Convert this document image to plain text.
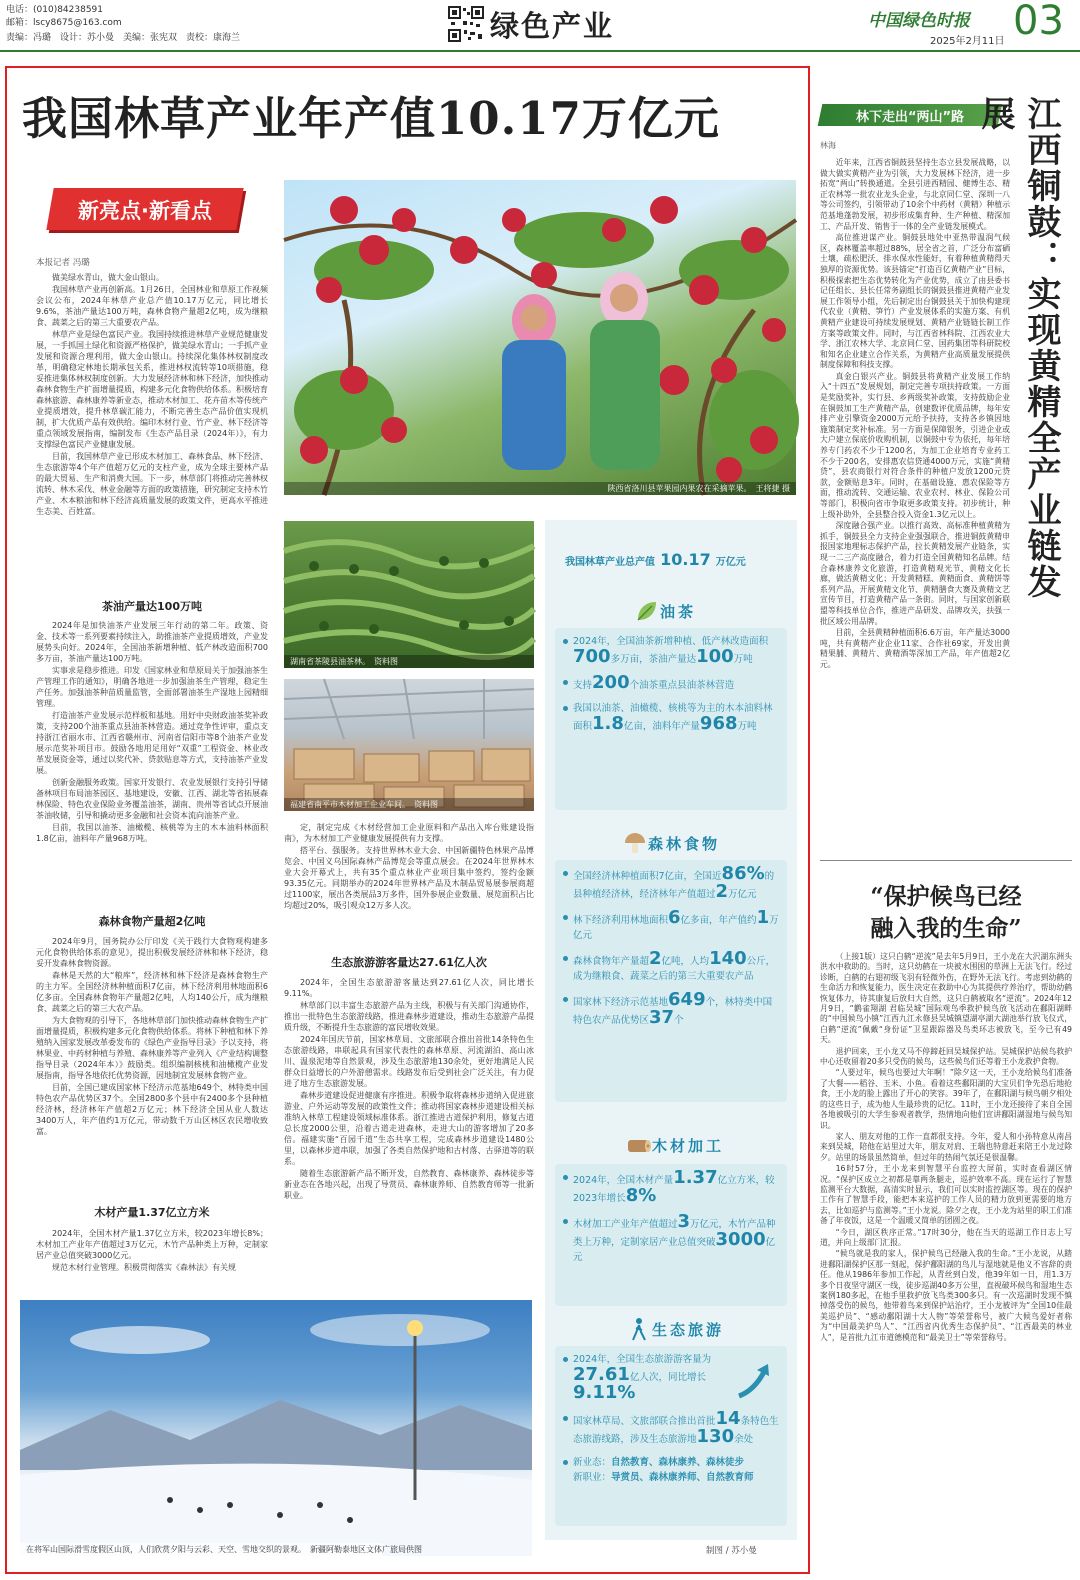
电话：(010)84238591
邮箱：lscy8675@163.com
责编：冯璐　设计：苏小曼　美编：张宪双　责校：康海兰	绿色产业	中国绿色时报
2025年2月11日 03
我国林草产业年产值10.17万亿元
新亮点·新看点
本报记者 冯璐

做美绿水青山，做大金山银山。

我国林草产业再创新高。1月26日，全国林业和草原工作视频会议公布，2024年林草产业总产值10.17万亿元，同比增长9.6%，茶油产量达100万吨，森林食物产量超2亿吨，成为继粮食、蔬菜之后的第三大重要农产品。

林草产业是绿色富民产业。我国持续推进林草产业规范健康发展，一手抓国土绿化和资源严格保护，做美绿水青山；一手抓产业发展和资源合理利用，做大金山银山。持续深化集体林权制度改革，明确稳定林地长期承包关系，推进林权流转等10项措施，稳妥推进集体林权制度创新。大力发展经济林和林下经济，加快推动森林食物生产扩面增量提质，构建多元化食物供给体系。积极培育森林旅游、森林康养等新业态，推动木材加工、花卉苗木等传统产业提质增效，提升林草碳汇能力，不断完善生态产品价值实现机制，扩大优质产品有效供给。编印木材行业、竹产业、林下经济等重点领域发展指南，编制发布《生态产品目录（2024年）》，有力支撑绿色富民产业健康发展。

目前，我国林草产业已形成木材加工、森林食品、林下经济、生态旅游等4个年产值超万亿元的支柱产业，成为全球主要林产品的最大贸易、生产和消费大国。下一步，林草部门将推动完善林权流转、林木采伐、林业金融等方面的政策措施，研究制定支持木竹产业、木本粮油和林下经济高质量发展的政策文件，更高水平推进生态美、百姓富。

茶油产量达100万吨

2024年是加快油茶产业发展三年行动的第二年。政策、资金、技术等一系列要素持续注入，助推油茶产业提质增效，产业发展势头向好。2024年，全国油茶新增种植、低产林改造面积700多万亩，茶油产量达100万吨。

实事求是稳步推进。印发《国家林业和草原局关于加强油茶生产管理工作的通知》，明确各地进一步加强油茶生产管理，稳定生产任务。加强油茶种苗质量监管，全面部署油茶生产湿地上园精细管理。

打造油茶产业发展示范样板和基地。用好中央财政油茶奖补政策，支持200个油茶重点县油茶林营造。通过竞争性评审，重点支持浙江省丽水市、江西省赣州市、河南省信阳市等8个油茶产业发展示范奖补项目市。鼓励各地用足用好“双重”工程资金、林业改革发展资金等，通过以奖代补、贷款贴息等方式，支持油茶产业发展。

创新金融服务政策。国家开发银行、农业发展银行支持引导储备林项目布局油茶园区、基地建设，安徽、江西、湖北等省拓展森林保险、特色农业保险业务覆盖油茶，湖南、贵州等省试点开展油茶油收储，引导和撬动更多金融和社会资本流向油茶产业。

目前，我国以油茶、油橄榄、核桃等为主的木本油料林面积1.8亿亩，油料年产量968万吨。

森林食物产量超2亿吨

2024年9月，国务院办公厅印发《关于践行大食物观构建多元化食物供给体系的意见》，提出积极发展经济林和林下经济，稳妥开发森林食物资源。

森林是天然的大“粮库”，经济林和林下经济是森林食物生产的主力军。全国经济林种植面积7亿亩，林下经济利用林地面积6亿多亩。全国森林食物年产量超2亿吨，人均140公斤，成为继粮食、蔬菜之后的第三大农产品。

为大食物观的引导下，各地林草部门加快推动森林食物生产扩面增量提质，积极构建多元化食物供给体系。将林下种植和林下养殖纳入国家发展改革委发布的《绿色产业指导目录》予以支持，将林果业、中药材种植与养殖、森林康养等产业列入《产业结构调整指导目录（2024年本）》鼓励类。组织编制核桃和油橄榄产业发展指南，指导各地依托优势资源，因地制宜发展林食物产业。

目前，全国已建成国家林下经济示范基地649个、林特类中国特色农产品优势区37个。全国2800多个县中有2400多个县种植经济林，经济林年产值超2万亿元；林下经济全国从业人数达3400万人，年产值约1万亿元，带动数千万山区林区农民增收致富。

木材产量1.37亿立方米

2024年，全国木材产量1.37亿立方米，较2023年增长8%；木材加工产业年产值超过3万亿元，木竹产品种类上万种，定制家居产业总值突破3000亿元。

规范木材行业管理。积极贯彻落实《森林法》有关规

陕西省洛川县苹果园内果农在采摘苹果。　王将捷 摄
湖南省茶陵县油茶林。　资料图
福建省南平市木材加工企业车间。　资料图

定，制定完成《木材经营加工企业原料和产品出入库台账建设指南》，为木材加工产业健康发展提供有力支撑。

搭平台、强服务。支持世界林木业大会、中国新疆特色林果产品博览会、中国义乌国际森林产品博览会等重点展会。在2024年世界林木业大会开幕式上，共有35个重点林业产业项目集中签约，签约金额93.35亿元。同期举办的2024年世界林产品及木制品贸易展参展商超过1100家，展出各类展品3万多件，国外参展企业数量、展览面积占比均超过20%，吸引观众12万多人次。

生态旅游游客量达27.61亿人次

2024年，全国生态旅游游客量达到27.61亿人次，同比增长9.11%。

林草部门以丰富生态旅游产品为主线，积极与有关部门沟通协作，推出一批特色生态旅游线路，推进森林步道建设，推动生态旅游产品提质升级，不断提升生态旅游的富民增收效果。

2024年国庆节前，国家林草局、文旅部联合推出首批14条特色生态旅游线路，串联起具有国家代表性的森林草原、河流湖泊、高山冰川、温泉泥地等自然景观，涉及生态旅游地130余处，更好地满足人民群众日益增长的户外游憩需求。线路发布后受到社会广泛关注，有力促进了地方生态旅游发展。

森林步道建设促进健康有序推进。积极争取将森林步道纳入促进旅游业、户外运动等发展的政策性文件；推动将国家森林步道建设相关标准纳入林草工程建设领域标准体系。浙江推进古道保护利用，修复古道总长度2000公里，沿着古道走进森林，走进大山的游客增加了20多倍。福建实施“百园千道”生态共享工程，完成森林步道建设1480公里，以森林步道串联，加强了各类自然保护地和古村落、古驿道等的联系。

随着生态旅游新产品不断开发，自然教育、森林康养、森林徒步等新业态在各地兴起，出现了导赏员、森林康养师、自然教育师等一批新职业。

在将军山国际滑雪度假区山顶，人们欣赏夕阳与云彩、天空、雪地交织的景观。　新疆阿勒泰地区文体广旅局供图	制图 / 苏小曼
我国林草产业总产值 10.17 万亿元
油茶
2024年，全国油茶新增种植、低产林改造面积700多万亩，茶油产量达100万吨
支持200个油茶重点县油茶林营造
我国以油茶、油橄榄、核桃等为主的木本油料林面积1.8亿亩，油料年产量968万吨
森林食物
全国经济林种植面积7亿亩，全国近86%的县种植经济林，经济林年产值超过2万亿元
林下经济利用林地面积6亿多亩，年产值约1万亿元
森林食物年产量超2亿吨，人均140公斤，成为继粮食、蔬菜之后的第三大重要农产品
国家林下经济示范基地649个，林特类中国特色农产品优势区37个
木材加工
2024年，全国木材产量1.37亿立方米，较2023年增长8%
木材加工产业年产值超过3万亿元，木竹产品种类上万种，定制家居产业总值突破3000亿元
生态旅游
2024年，全国生态旅游游客量为27.61亿人次，同比增长9.11%
国家林草局、文旅部联合推出首批14条特色生态旅游线路，涉及生态旅游地130余处
新业态：自然教育、森林康养、森林徒步
新职业：导赏员、森林康养师、自然教育师
林下走出“两山”路
林海	江西铜鼓：实现黄精全产业链发展

近年来，江西省铜鼓县坚持生态立县发展战略，以做大做实黄精产业为引领，大力发展林下经济，进一步拓宽“两山”转换通道。全县引进西精园、健博生态、精正农林等一批农业龙头企业，与北京同仁堂、深圳一八等公司签约，引领带动了10余个中药材（黄精）种植示范基地蓬勃发展，初步形成集育种、生产种植、精深加工、产品开发、销售于一体的全产业链发展模式。

高位推进谋产业。铜鼓县地处中亚热带温润气候区，森林覆盖率超过88%，居全省之首，广泛分布富硒土壤，疏松肥沃、排水保水性能好，有着种植黄精得天独厚的资源优势。该县锚定“打造百亿黄精产业”目标，积极探索把生态优势转化为产业优势，成立了由县委书记任组长、县长任常务副组长的铜鼓县推进黄精产业发展工作领导小组，先后制定出台铜鼓县关于加快构建现代农业（黄精、笋竹）产业发展体系的实施方案、有机黄精产业建设可持续发展规划、黄精产业链链长制工作方案等政策文件。同时，与江西省林科院、江西农业大学、浙江农林大学、北京同仁堂、国药集团等科研院校和知名企业建立合作关系，为黄精产业高质量发展提供制度保障和科技支撑。

真金白银兴产业。铜鼓县将黄精产业发展工作纳入“十四五”发展规划，制定完善专项扶持政策。一方面是奖励奖补，实行县、乡两级奖补政策，支持鼓励企业在铜鼓加工生产黄精产品，创建数评优质品牌，每年安排产业引擎资金2000万元给予扶持，支持各乡镇因地施策制定奖补标准。另一方面是保障银务，引进企业或大户建立保底价收购机制，以铜鼓中专为依托，每年培养专门药农不少于1200名，为加工企业培育专业药工不少于200名，安排惠农信贷通4000万元，实施“黄精贷”，县农商银行对符合条件的种植户发放1200元贷款，金额贴息3年。同时，在基础设施、惠农保险等方面，推动流转、交通运输、农业农村、林业、保险公司等部门，积极向省市争取更多政策支持。初步统计，种上级补助外，全县整合投入资金1.3亿元以上。

深度融合强产业。以推行高效、高标准种植黄精为抓手，铜鼓县全力支持企业强强联合，推进铜鼓黄精申报国家地理标志保护产品，拉长黄精发展产业链条，实现一二三产高度融合，着力打造全国黄精知名品牌。结合森林康养文化旅游，打造黄精观光节、黄精文化长廊，做活黄精文化；开发黄精糕、黄精面食、黄精饼等系列产品，开展黄精文化节、黄精膳食大赛及黄精文艺宣传节目，打造黄精产品一条街。同时，与国家创新联盟等科技单位合作，推进产品研发、品牌攻关，扶强一批区域公用品牌。

目前，全县黄精种植面积6.6万亩，年产量达3000吨，共有黄精产业企业11家、合作社69家，开发出黄精果脯、黄精片、黄精酒等深加工产品，年产值超2亿元。

“保护候鸟已经
融入我的生命”

（上接1版）这只白鹤“逆流”是去年5月9日，王小龙在大沢湖东洲头洪水中救助的。当时，这只幼鹤在一块被水围困的草洲上无法飞行。经过诊断，白鹤的右翅初级飞羽有轻微外伤，在野外无法飞行。考虑到幼鹤的生命活力和恢复能力，医生决定在救助中心为其提供疗养治疗，帮助幼鹤恢复体力，待其康复后放归大自然，这只白鹤被取名“逆流”。2024年12月9日，“鹳雀翔湖 君临吴城”国际观鸟季救护候鸟放飞活动在鄱阳湖畔的“中国候鸟小镇”江西九江永修县吴城镇望湖亭湖大湖池举行放飞仪式，白鹤“逆流”佩戴“身份证”卫星跟踪器及鸟类环志被放飞，至今已有49天。

退护回来，王小龙又马不停蹄赶回吴城保护站。吴城保护站候鸟救护中心还收留着20多只受伤的候鸟，这些候鸟们还等着王小龙救护食物。

“人要过年，候鸟也要过大年啊！”除夕这一天，王小龙给候鸟们准备了大餐——稻谷、玉米、小鱼。看着这些鄱阳湖的大宝贝们争先恐后地抢食，王小龙的脸上露出了开心的笑容。39年了，在鄱阳湖与候鸟朝夕相处的这些日子，成为他人生最珍贵的记忆。11时，王小龙还接待了来自全国各地被吸引的大学生参观者教学，热情地向他们宣讲鄱阳湖湿地与候鸟知识。

家人、朋友对他的工作一直都很支持。今年，爱人和小孙特意从南昌来到吴城，陪他在站里过大年，朋友对肩、王瑞也特意赶来陪王小龙过除夕。站里的场景虽然简单，但过年的热闹气氛还是很温馨。

16时57分，王小龙来到智慧平台监控大屏前，实时查看湖区情况。“保护区成立之初都是靠两条腿走，巡护效率不高。现在运行了智慧监测平台大数据，高清实时显示，我们可以实时监控湖区等。现在的保护工作有了智慧手段，能把本来巡护的工作人员的精力放到更需要的地方去，比如巡护与监测等。”王小龙说。除夕之夜，王小龙为站里的职工们准备了年夜饭，这是一个温暖又简单的团圆之夜。

“今日，湖区秩序正常。”17时30分，他在当天的巡湖工作日志上写道，并向上级部门汇报。

“候鸟就是我的家人，保护候鸟已经融入我的生命。”王小龙说，从踏进鄱阳湖保护区那一刻起，保护鄱阳湖的鸟儿与湿地就是他义不容辞的责任。他从1986年参加工作起，从青丝到白发，他39年如一日，用1.3万多个日夜坚守湖区一线，徒步巡湖40多万公里，直视破坏候鸟和湿地生态案例180多起，在他手里救护放飞鸟类300多只。有一次巡湖时发现不慎掉落受伤的候鸟，他带着鸟来到保护站治疗，王小龙被评为“全国10佳最美巡护员”、“感动鄱阳湖十大人物”等荣誉称号，被广大候鸟爱好者称为“中国最美护鸟人”、“江西省内优秀生态保护员”、“江西最美的林业人”，是首批九江市道德模范和“最美卫士”等荣誉称号。
